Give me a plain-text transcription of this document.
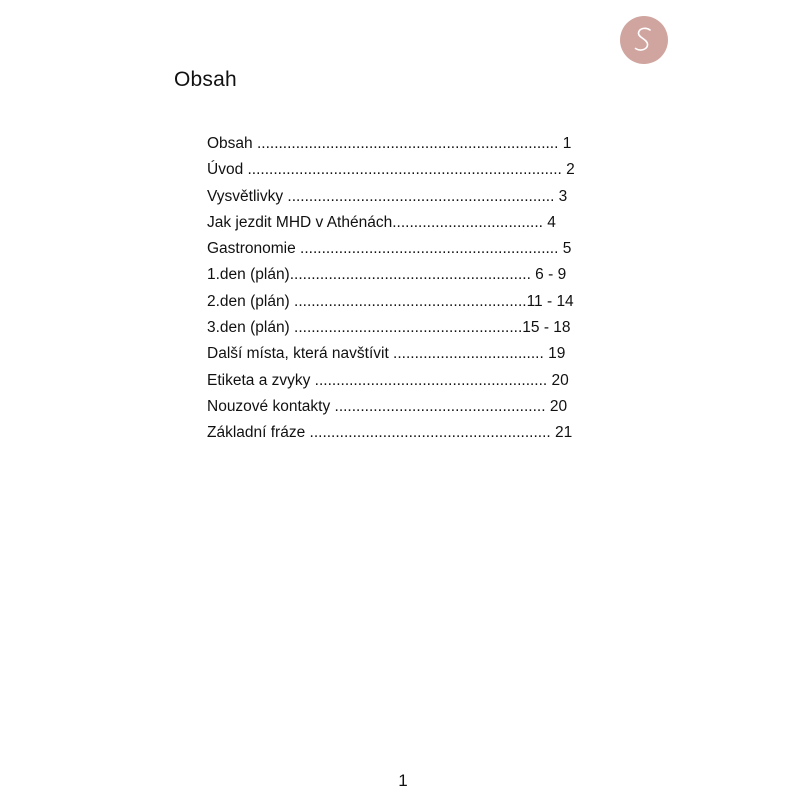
Obsah
Obsah ...................................................................... 1
Úvod ......................................................................... 2
Vysvětlivky .............................................................. 3
Jak jezdit MHD v Athénách................................... 4
Gastronomie ............................................................ 5
1.den (plán)........................................................ 6 - 9
2.den (plán) ......................................................11 - 14
3.den (plán) .....................................................15 - 18
Další místa, která navštívit ................................... 19
Etiketa a zvyky ...................................................... 20
Nouzové kontakty ................................................. 20
Základní fráze ........................................................ 21
1
